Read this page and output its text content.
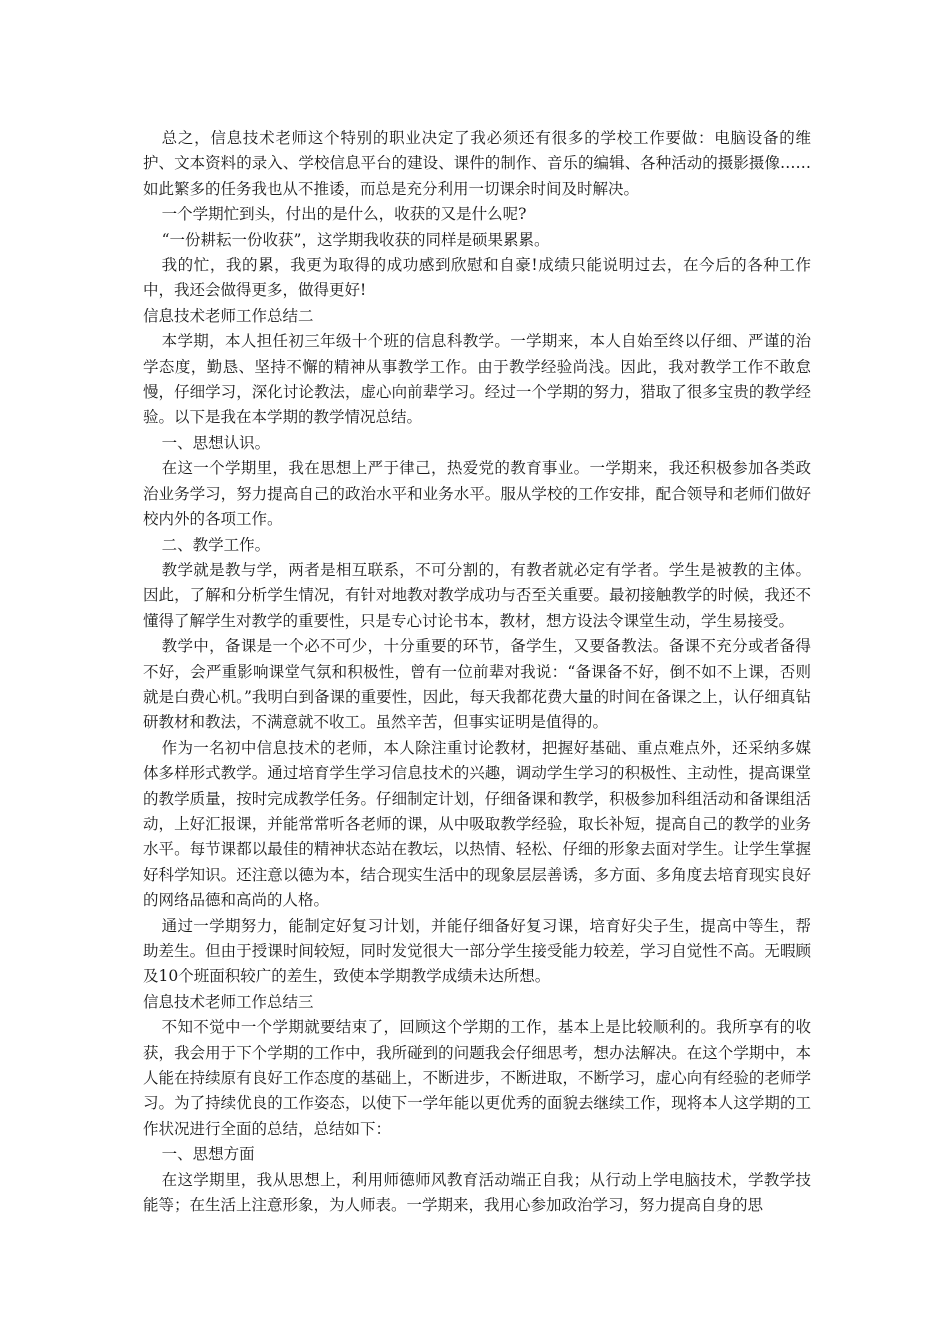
总之，信息技术老师这个特别的职业决定了我必须还有很多的学校工作要做：电脑设备的维护、文本资料的录入、学校信息平台的建设、课件的制作、音乐的编辑、各种活动的摄影摄像……如此繁多的任务我也从不推诿，而总是充分利用一切课余时间及时解决。

一个学期忙到头，付出的是什么，收获的又是什么呢?

“一份耕耘一份收获”，这学期我收获的同样是硕果累累。

我的忙，我的累，我更为取得的成功感到欣慰和自豪!成绩只能说明过去，在今后的各种工作中，我还会做得更多，做得更好!

信息技术老师工作总结二

本学期，本人担任初三年级十个班的信息科教学。一学期来，本人自始至终以仔细、严谨的治学态度，勤恳、坚持不懈的精神从事教学工作。由于教学经验尚浅。因此，我对教学工作不敢怠慢，仔细学习，深化讨论教法，虚心向前辈学习。经过一个学期的努力，猎取了很多宝贵的教学经验。以下是我在本学期的教学情况总结。

一、思想认识。

在这一个学期里，我在思想上严于律己，热爱党的教育事业。一学期来，我还积极参加各类政治业务学习，努力提高自己的政治水平和业务水平。服从学校的工作安排，配合领导和老师们做好校内外的各项工作。

二、教学工作。

教学就是教与学，两者是相互联系，不可分割的，有教者就必定有学者。学生是被教的主体。因此，了解和分析学生情况，有针对地教对教学成功与否至关重要。最初接触教学的时候，我还不懂得了解学生对教学的重要性，只是专心讨论书本，教材，想方设法令课堂生动，学生易接受。

教学中，备课是一个必不可少，十分重要的环节，备学生，又要备教法。备课不充分或者备得不好，会严重影响课堂气氛和积极性，曾有一位前辈对我说：“备课备不好，倒不如不上课，否则就是白费心机。”我明白到备课的重要性，因此，每天我都花费大量的时间在备课之上，认仔细真钻研教材和教法，不满意就不收工。虽然辛苦，但事实证明是值得的。

作为一名初中信息技术的老师，本人除注重讨论教材，把握好基础、重点难点外，还采纳多媒体多样形式教学。通过培育学生学习信息技术的兴趣，调动学生学习的积极性、主动性，提高课堂的教学质量，按时完成教学任务。仔细制定计划，仔细备课和教学，积极参加科组活动和备课组活动，上好汇报课，并能常常听各老师的课，从中吸取教学经验，取长补短，提高自己的教学的业务水平。每节课都以最佳的精神状态站在教坛，以热情、轻松、仔细的形象去面对学生。让学生掌握好科学知识。还注意以德为本，结合现实生活中的现象层层善诱，多方面、多角度去培育现实良好的网络品德和高尚的人格。

通过一学期努力，能制定好复习计划，并能仔细备好复习课，培育好尖子生，提高中等生，帮助差生。但由于授课时间较短，同时发觉很大一部分学生接受能力较差，学习自觉性不高。无暇顾及10个班面积较广的差生，致使本学期教学成绩未达所想。

信息技术老师工作总结三

不知不觉中一个学期就要结束了，回顾这个学期的工作，基本上是比较顺利的。我所享有的收获，我会用于下个学期的工作中，我所碰到的问题我会仔细思考，想办法解决。在这个学期中，本人能在持续原有良好工作态度的基础上，不断进步，不断进取，不断学习，虚心向有经验的老师学习。为了持续优良的工作姿态，以使下一学年能以更优秀的面貌去继续工作，现将本人这学期的工作状况进行全面的总结，总结如下：

一、思想方面

在这学期里，我从思想上，利用师德师风教育活动端正自我；从行动上学电脑技术，学教学技能等；在生活上注意形象，为人师表。一学期来，我用心参加政治学习，努力提高自身的思
